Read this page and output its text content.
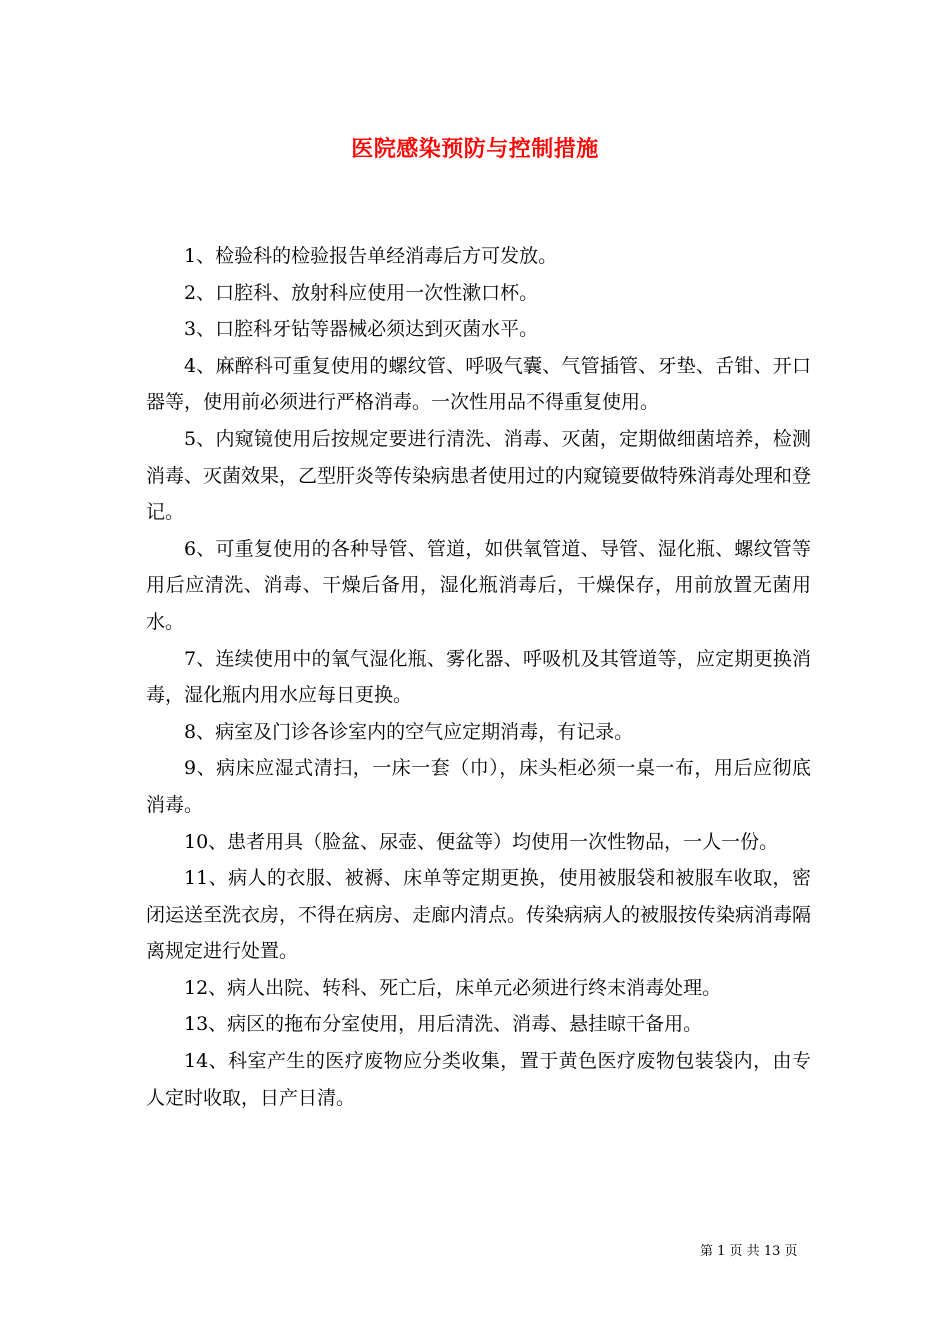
医院感染预防与控制措施

1、检验科的检验报告单经消毒后方可发放。

2、口腔科、放射科应使用一次性漱口杯。

3、口腔科牙钻等器械必须达到灭菌水平。

4、麻醉科可重复使用的螺纹管、呼吸气囊、气管插管、牙垫、舌钳、开口器等，使用前必须进行严格消毒。一次性用品不得重复使用。

5、内窥镜使用后按规定要进行清洗、消毒、灭菌，定期做细菌培养，检测消毒、灭菌效果，乙型肝炎等传染病患者使用过的内窥镜要做特殊消毒处理和登记。

6、可重复使用的各种导管、管道，如供氧管道、导管、湿化瓶、螺纹管等用后应清洗、消毒、干燥后备用，湿化瓶消毒后，干燥保存，用前放置无菌用水。

7、连续使用中的氧气湿化瓶、雾化器、呼吸机及其管道等，应定期更换消毒，湿化瓶内用水应每日更换。

8、病室及门诊各诊室内的空气应定期消毒，有记录。

9、病床应湿式清扫，一床一套（巾），床头柜必须一桌一布，用后应彻底消毒。

10、患者用具（脸盆、尿壶、便盆等）均使用一次性物品，一人一份。

11、病人的衣服、被褥、床单等定期更换，使用被服袋和被服车收取，密闭运送至洗衣房，不得在病房、走廊内清点。传染病病人的被服按传染病消毒隔离规定进行处置。

12、病人出院、转科、死亡后，床单元必须进行终末消毒处理。

13、病区的拖布分室使用，用后清洗、消毒、悬挂晾干备用。

14、科室产生的医疗废物应分类收集，置于黄色医疗废物包装袋内，由专人定时收取，日产日清。

第 1 页 共 13 页
